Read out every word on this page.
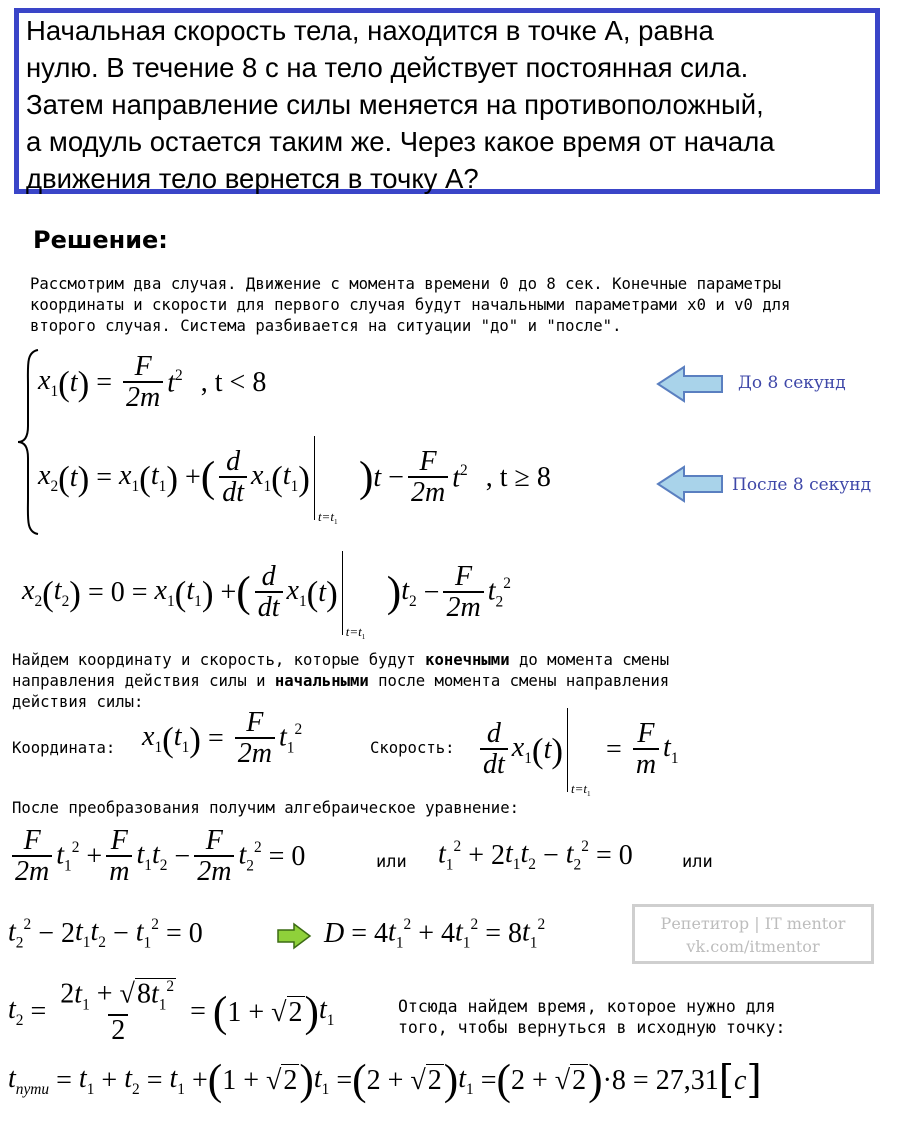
Начальная скорость тела, находится в точке А, равна
нулю. В течение 8 с на тело действует постоянная сила.
Затем направление силы меняется на противоположный,
а модуль остается таким же. Через какое время от начала
движения тело вернется в точку А?
Решение:
Рассмотрим два случая. Движение с момента времени 0 до 8 сек. Конечные параметры
координаты и скорости для первого случая будут начальными параметрами x0 и v0 для
второго случая. Система разбивается на ситуации "до" и "после".
$x_1$ ( t ) = $\frac{F}{2m} t^2$ , t < 8	До 8 секунд
$x_2$ ( t ) = $x_1$ ( $t_1$ ) + ( $\frac{d}{dt} x_1$ ( $t_1$ )
$t=t_1$
) $t - \frac{F}{2m} t^2$ , t ≥ 8	После 8 секунд
$x_2$ ( $t_2$ ) = $0 = x_1$ ( $t_1$ ) + ( $\frac{d}{dt} x_1$ ( t )
$t=t_1$
) $t_2 - \frac{F}{2m} t_2^2$
Найдем координату и скорость, которые будут конечными до момента смены
направления действия силы и начальными после момента смены направления
действия силы:
Координата: $x_1$ ( $t_1$ ) = $\frac{F}{2m} t_1^2$
Скорость: $\frac{d}{dt} x_1$ ( t )
$t=t_1$
= $\frac{F}{m} t_1$
После преобразования получим алгебраическое уравнение:
$\frac{F}{2m} t_1^2 + \frac{F}{m} t_1t_2 - \frac{F}{2m} t_2^2 = 0$	или $t_1^2 + 2$ $t_1t_2 - t_2^2 = 0$	или
$t_2^2 - 2$ $t_1t_2 - t_1^2 = 0$	D = 4 $t_1^2 + 4$ $t_1^2 = 8$ $t_1^2$	Репетитор | IT mentor
vk.com/itmentor
$t_2 = \frac{2t_1 + √8t_1^2}{2}$ = ( 1 + √2 ) $t_1$
Отсюда найдем время, которое нужно для
того, чтобы вернуться в исходную точку:
$t_{пути} = t_1 + t_2 = t_1$ + ( 1 + √2 ) $t_1$ = ( 2 + √2 ) $t_1$ = ( 2 + √2 ) ·8 = 27,31 [ c ]
